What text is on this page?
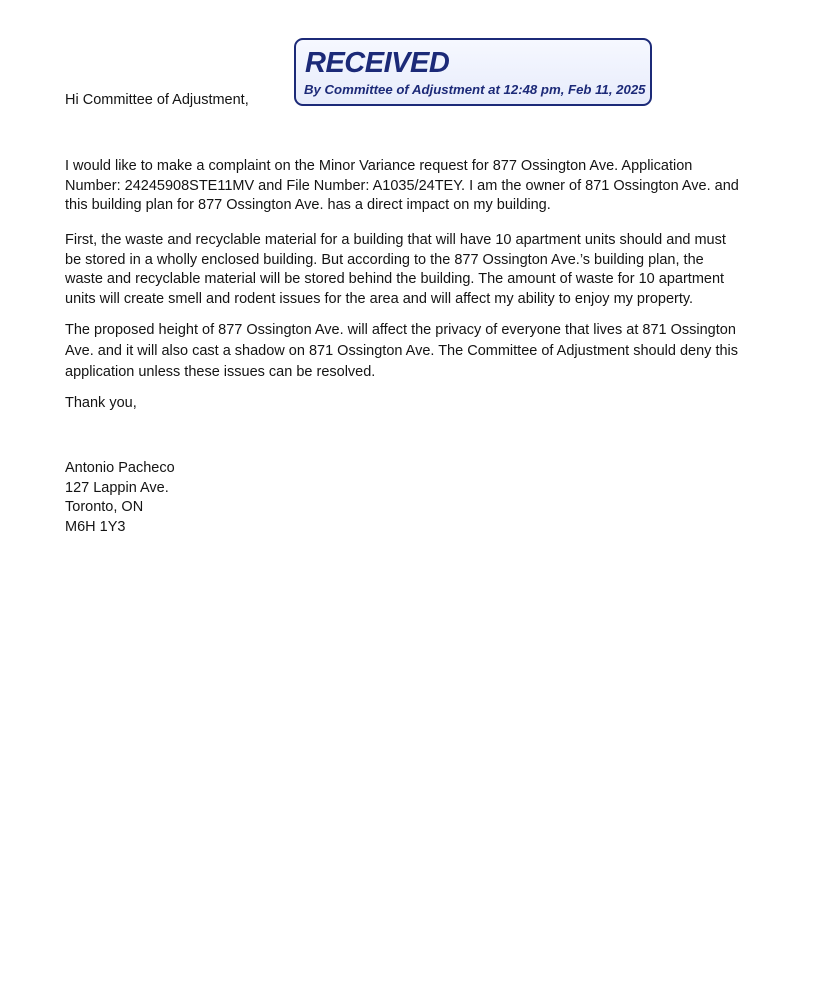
RECEIVED
By Committee of Adjustment at 12:48 pm, Feb 11, 2025
Hi Committee of Adjustment,
I would like to make a complaint on the Minor Variance request for 877 Ossington Ave. Application
Number: 24245908STE11MV and File Number: A1035/24TEY. I am the owner of 871 Ossington Ave. and
this building plan for 877 Ossington Ave. has a direct impact on my building.
First, the waste and recyclable material for a building that will have 10 apartment units should and must
be stored in a wholly enclosed building. But according to the 877 Ossington Ave.’s building plan, the
waste and recyclable material will be stored behind the building. The amount of waste for 10 apartment
units will create smell and rodent issues for the area and will affect my ability to enjoy my property.
The proposed height of 877 Ossington Ave. will affect the privacy of everyone that lives at 871 Ossington
Ave. and it will also cast a shadow on 871 Ossington Ave. The Committee of Adjustment should deny this
application unless these issues can be resolved.
Thank you,
Antonio Pacheco
127 Lappin Ave.
Toronto, ON
M6H 1Y3
